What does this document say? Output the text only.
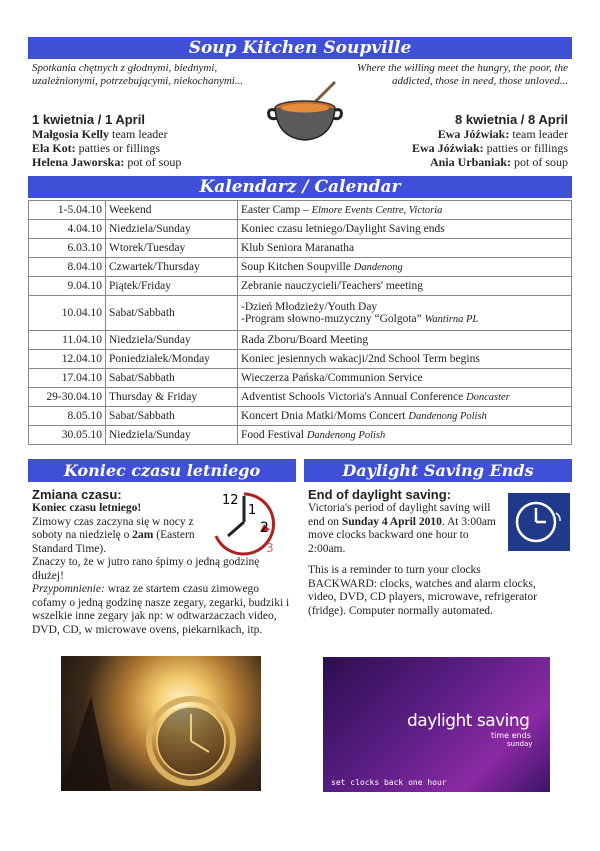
Soup Kitchen Soupville
Spotkania chętnych z głodnymi, biednymi, uzależnionymi, potrzebującymi, niekochanymi...
Where the willing meet the hungry, the poor, the addicted, those in need, those unloved...
1 kwietnia / 1 April
Małgosia Kelly team leader
Ela Kot: patties or fillings
Helena Jaworska: pot of soup
8 kwietnia / 8 April
Ewa Jóźwiak: team leader
Ewa Jóźwiak: patties or fillings
Ania Urbaniak: pot of soup
Kalendarz / Calendar
1-5.04.10	Weekend	Easter Camp – Elmore Events Centre, Victoria
4.04.10	Niedziela/Sunday	Koniec czasu letniego/Daylight Saving ends
6.03.10	Wtorek/Tuesday	Klub Seniora Maranatha
8.04.10	Czwartek/Thursday	Soup Kitchen Soupville Dandenong
9.04.10	Piątek/Friday	Zebranie nauczycieli/Teachers' meeting
10.04.10	Sabat/Sabbath	-Dzień Młodzieży/Youth Day
-Program słowno-muzyczny “Golgota” Wantirna PL

11.04.10	Niedziela/Sunday	Rada Zboru/Board Meeting
12.04.10	Poniedziałek/Monday	Koniec jesiennych wakacji/2nd School Term begins
17.04.10	Sabat/Sabbath	Wieczerza Pańska/Communion Service
29-30.04.10	Thursday & Friday	Adventist Schools Victoria's Annual Conference Doncaster
8.05.10	Sabat/Sabbath	Koncert Dnia Matki/Moms Concert Dandenong Polish
30.05.10	Niedziela/Sunday	Food Festival Dandenong Polish
Koniec czasu letniego	Daylight Saving Ends
Zmiana czasu:
Koniec czasu letniego!
Zimowy czas zaczyna się w nocy z soboty na niedzielę o 2am (Eastern Standard Time).
Znaczy to, że w jutro rano śpimy o jedną godzinę dłużej!
Przypomnienie: wraz ze startem czasu zimowego cofamy o jedną godzinę nasze zegary, zegarki, budziki i wszelkie inne zegary jak np: w odtwarzaczach video, DVD, CD, w microwave ovens, piekarnikach, itp.
12
1
2
3
End of daylight saving:
Victoria's period of daylight saving will end on Sunday 4 April 2010. At 3:00am move clocks backward one hour to 2:00am.
This is a reminder to turn your clocks BACKWARD: clocks, watches and alarm clocks, video, DVD, CD players, microwave, refrigerator (fridge). Computer normally automated.
daylight saving
time ends
sunday
set clocks back one hour
